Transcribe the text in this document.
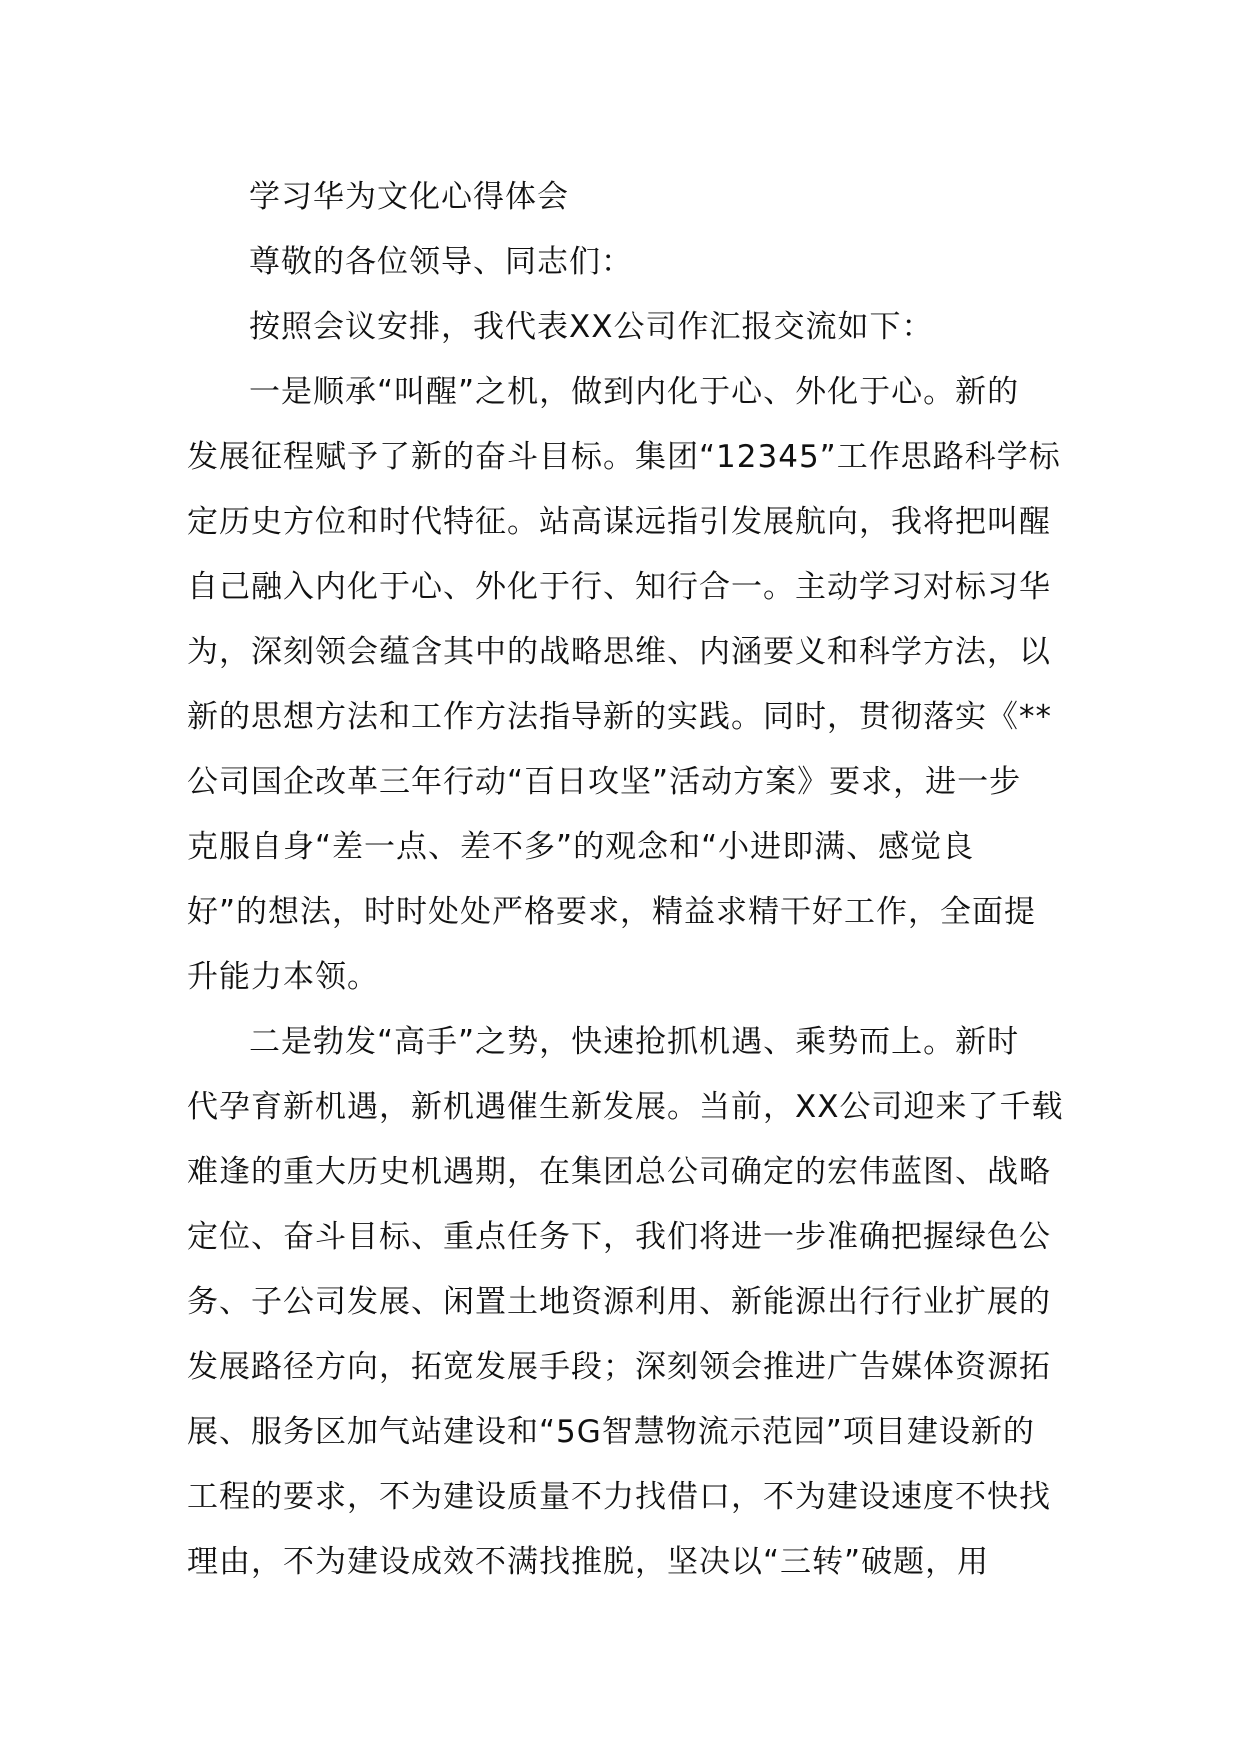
学习华为文化心得体会

尊敬的各位领导、同志们：

按照会议安排，我代表XX公司作汇报交流如下：

一是顺承“叫醒”之机，做到内化于心、外化于心。新的

发展征程赋予了新的奋斗目标。集团“12345”工作思路科学标

定历史方位和时代特征。站高谋远指引发展航向，我将把叫醒

自己融入内化于心、外化于行、知行合一。主动学习对标习华

为，深刻领会蕴含其中的战略思维、内涵要义和科学方法，以

新的思想方法和工作方法指导新的实践。同时，贯彻落实《**

公司国企改革三年行动“百日攻坚”活动方案》要求，进一步

克服自身“差一点、差不多”的观念和“小进即满、感觉良

好”的想法，时时处处严格要求，精益求精干好工作，全面提

升能力本领。

二是勃发“高手”之势，快速抢抓机遇、乘势而上。新时

代孕育新机遇，新机遇催生新发展。当前，XX公司迎来了千载

难逢的重大历史机遇期，在集团总公司确定的宏伟蓝图、战略

定位、奋斗目标、重点任务下，我们将进一步准确把握绿色公

务、子公司发展、闲置土地资源利用、新能源出行行业扩展的

发展路径方向，拓宽发展手段；深刻领会推进广告媒体资源拓

展、服务区加气站建设和“5G智慧物流示范园”项目建设新的

工程的要求，不为建设质量不力找借口，不为建设速度不快找

理由，不为建设成效不满找推脱，坚决以“三转”破题，用
